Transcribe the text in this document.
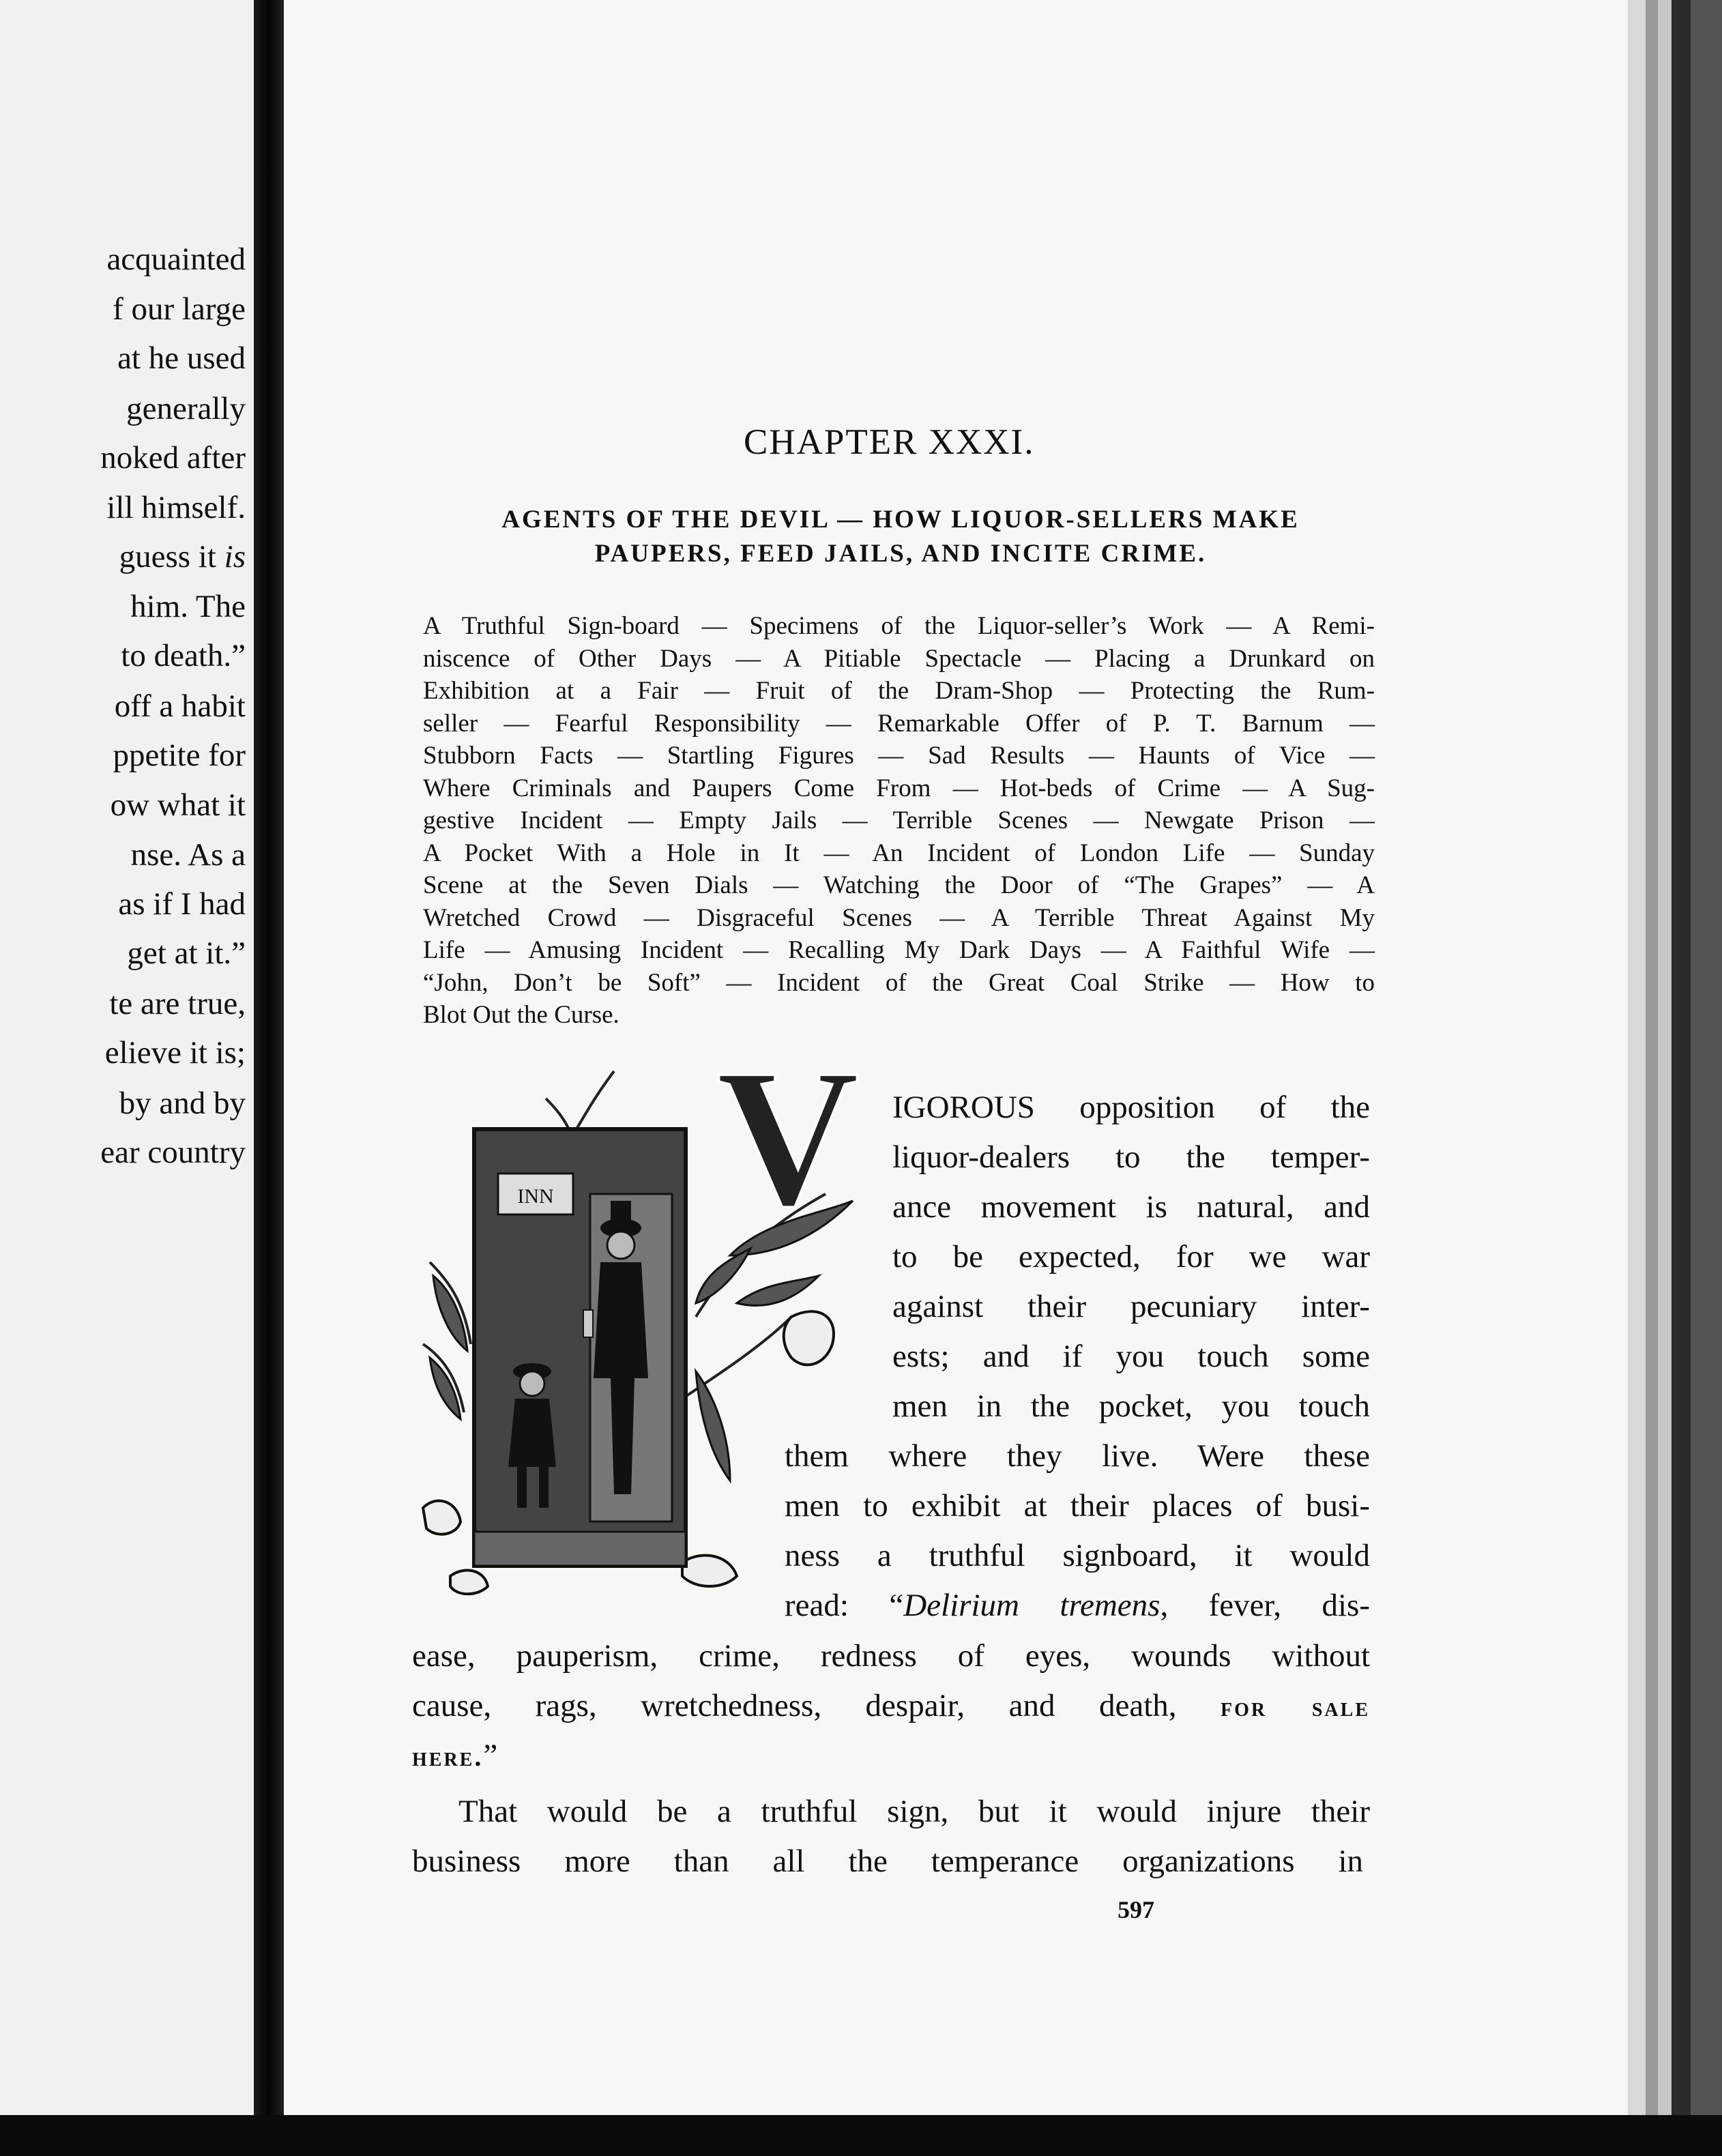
acquainted
f our large
at he used
generally
noked after
ill himself.
guess it is
him. The
to death.”
off a habit
ppetite for
ow what it
nse. As a
as if I had
get at it.”
te are true,
elieve it is;
by and by
ear country
CHAPTER XXXI.
AGENTS OF THE DEVIL — HOW LIQUOR-SELLERS MAKE
PAUPERS, FEED JAILS, AND INCITE CRIME.
A Truthful Sign-board — Specimens of the Liquor-seller’s Work — A Remi-
niscence of Other Days — A Pitiable Spectacle — Placing a Drunkard on
Exhibition at a Fair — Fruit of the Dram-Shop — Protecting the Rum-
seller — Fearful Responsibility — Remarkable Offer of P. T. Barnum —
Stubborn Facts — Startling Figures — Sad Results — Haunts of Vice —
Where Criminals and Paupers Come From — Hot-beds of Crime — A Sug-
gestive Incident — Empty Jails — Terrible Scenes — Newgate Prison —
A Pocket With a Hole in It — An Incident of London Life — Sunday
Scene at the Seven Dials — Watching the Door of “The Grapes” — A
Wretched Crowd — Disgraceful Scenes — A Terrible Threat Against My
Life — Amusing Incident — Recalling My Dark Days — A Faithful Wife —
“John, Don’t be Soft” — Incident of the Great Coal Strike — How to
Blot Out the Curse.
INN V IGOROUS opposition of the
liquor-dealers to the temper-
ance movement is natural, and
to be expected, for we war
against their pecuniary inter-
ests; and if you touch some
men in the pocket, you touch
them where they live. Were these
men to exhibit at their places of busi-
ness a truthful signboard, it would
read: “Delirium tremens, fever, dis-
ease, pauperism, crime, redness of eyes, wounds without
cause, rags, wretchedness, despair, and death, for sale
here.”
That would be a truthful sign, but it would injure their
business more than all the temperance organizations in
597
